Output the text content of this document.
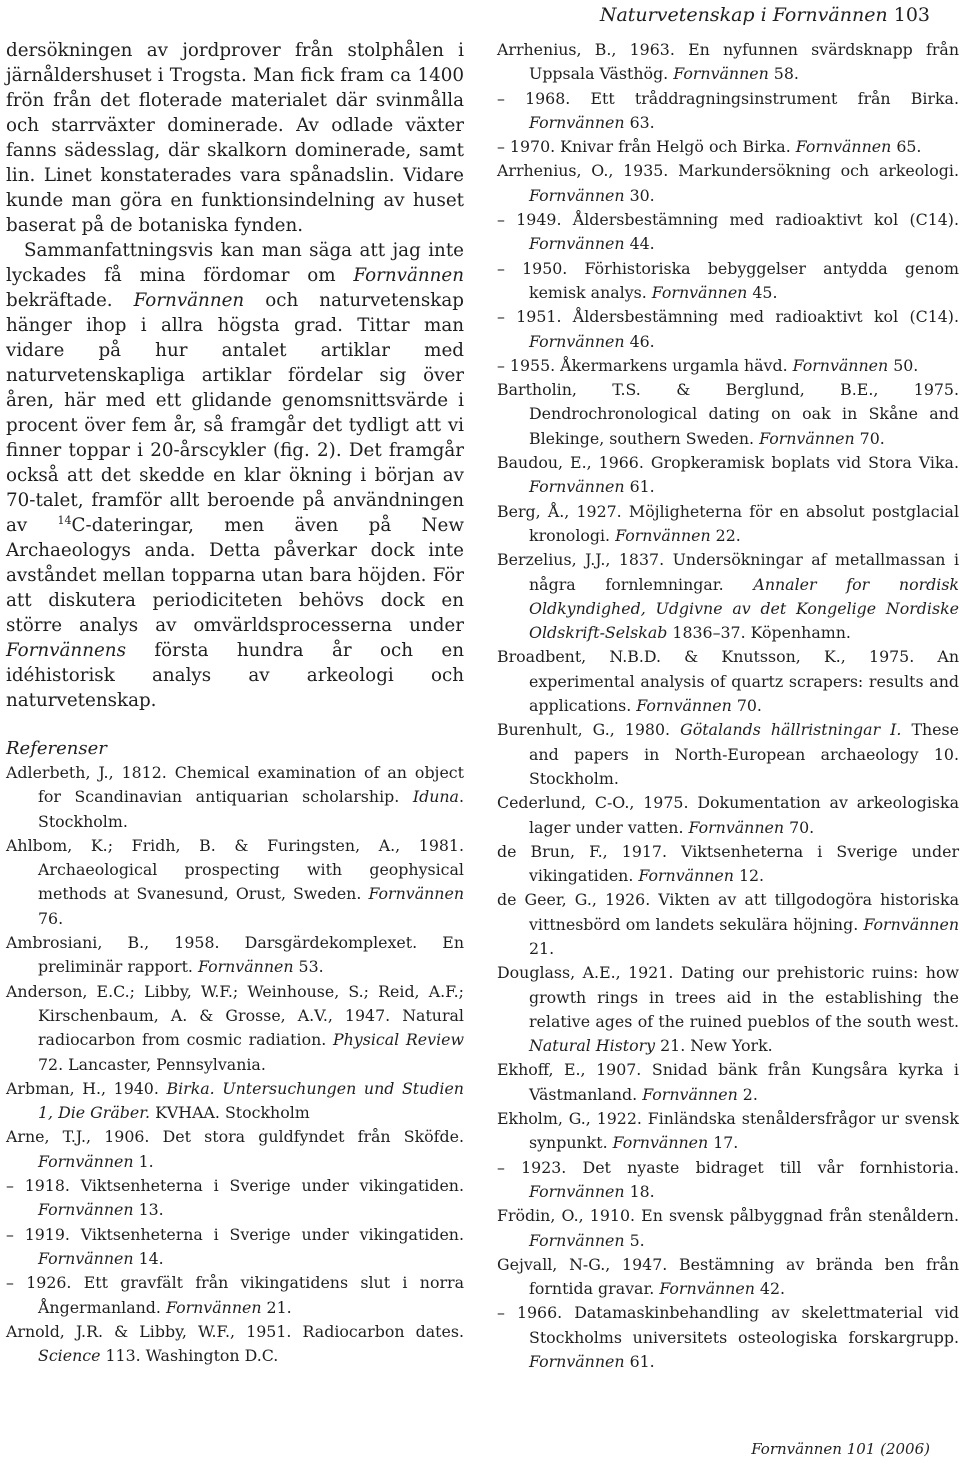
Naturvetenskap i Fornvännen 103

dersökningen av jordprover från stolphålen i järnåldershuset i Trogsta. Man fick fram ca 1400 frön från det floterade materialet där svinmålla och starrväxter dominerade. Av odlade växter fanns sädesslag, där skalkorn dominerade, samt lin. Linet konstaterades vara spånadslin. Vidare kunde man göra en funktionsindelning av huset baserat på de botaniska fynden.

Sammanfattningsvis kan man säga att jag inte lyckades få mina fördomar om Fornvännen bekräftade. Fornvännen och naturvetenskap hänger ihop i allra högsta grad. Tittar man vidare på hur antalet artiklar med naturvetenskapliga artiklar fördelar sig över åren, här med ett glidande genomsnittsvärde i procent över fem år, så framgår det tydligt att vi finner toppar i 20-årscykler (fig. 2). Det framgår också att det skedde en klar ökning i början av 70-talet, framför allt beroende på användningen av $^{14}$C-dateringar, men även på New Archaeologys anda. Detta påverkar dock inte avståndet mellan topparna utan bara höjden. För att diskutera periodiciteten behövs dock en större analys av omvärldsprocesserna under Fornvännens första hundra år och en idéhistorisk analys av arkeologi och naturvetenskap.

Referenser
Adlerbeth, J., 1812. Chemical examination of an object for Scandinavian antiquarian scholarship. Iduna. Stockholm.
Ahlbom, K.; Fridh, B. & Furingsten, A., 1981. Archaeological prospecting with geophysical methods at Svanesund, Orust, Sweden. Fornvännen 76.
Ambrosiani, B., 1958. Darsgärdekomplexet. En preliminär rapport. Fornvännen 53.
Anderson, E.C.; Libby, W.F.; Weinhouse, S.; Reid, A.F.; Kirschenbaum, A. & Grosse, A.V., 1947. Natural radiocarbon from cosmic radiation. Physical Review 72. Lancaster, Pennsylvania.
Arbman, H., 1940. Birka. Untersuchungen und Studien 1, Die Gräber. KVHAA. Stockholm
Arne, T.J., 1906. Det stora guldfyndet från Sköfde. Fornvännen 1.
– 1918. Viktsenheterna i Sverige under vikingatiden. Fornvännen 13.
– 1919. Viktsenheterna i Sverige under vikingatiden. Fornvännen 14.
– 1926. Ett gravfält från vikingatidens slut i norra Ångermanland. Fornvännen 21.
Arnold, J.R. & Libby, W.F., 1951. Radiocarbon dates. Science 113. Washington D.C.
Arrhenius, B., 1963. En nyfunnen svärdsknapp från Uppsala Västhög. Fornvännen 58.
– 1968. Ett tråddragningsinstrument från Birka. Fornvännen 63.
– 1970. Knivar från Helgö och Birka. Fornvännen 65.
Arrhenius, O., 1935. Markundersökning och arkeologi. Fornvännen 30.
– 1949. Åldersbestämning med radioaktivt kol (C14). Fornvännen 44.
– 1950. Förhistoriska bebyggelser antydda genom kemisk analys. Fornvännen 45.
– 1951. Åldersbestämning med radioaktivt kol (C14). Fornvännen 46.
– 1955. Åkermarkens urgamla hävd. Fornvännen 50.
Bartholin, T.S. & Berglund, B.E., 1975. Dendrochronological dating on oak in Skåne and Blekinge, southern Sweden. Fornvännen 70.
Baudou, E., 1966. Gropkeramisk boplats vid Stora Vika. Fornvännen 61.
Berg, Å., 1927. Möjligheterna för en absolut postglacial kronologi. Fornvännen 22.
Berzelius, J.J., 1837. Undersökningar af metallmassan i några fornlemningar. Annaler for nordisk Oldkyndighed, Udgivne av det Kongelige Nordiske Oldskrift-Selskab 1836–37. Köpenhamn.
Broadbent, N.B.D. & Knutsson, K., 1975. An experimental analysis of quartz scrapers: results and applications. Fornvännen 70.
Burenhult, G., 1980. Götalands hällristningar I. These and papers in North-European archaeology 10. Stockholm.
Cederlund, C-O., 1975. Dokumentation av arkeologiska lager under vatten. Fornvännen 70.
de Brun, F., 1917. Viktsenheterna i Sverige under vikingatiden. Fornvännen 12.
de Geer, G., 1926. Vikten av att tillgodogöra historiska vittnesbörd om landets sekulära höjning. Fornvännen 21.
Douglass, A.E., 1921. Dating our prehistoric ruins: how growth rings in trees aid in the establishing the relative ages of the ruined pueblos of the south west. Natural History 21. New York.
Ekhoff, E., 1907. Snidad bänk från Kungsåra kyrka i Västmanland. Fornvännen 2.
Ekholm, G., 1922. Finländska stenåldersfrågor ur svensk synpunkt. Fornvännen 17.
– 1923. Det nyaste bidraget till vår fornhistoria. Fornvännen 18.
Frödin, O., 1910. En svensk pålbyggnad från stenåldern. Fornvännen 5.
Gejvall, N-G., 1947. Bestämning av brända ben från forntida gravar. Fornvännen 42.
– 1966. Datamaskinbehandling av skelettmaterial vid Stockholms universitets osteologiska forskargrupp. Fornvännen 61.
Fornvännen 101 (2006)
